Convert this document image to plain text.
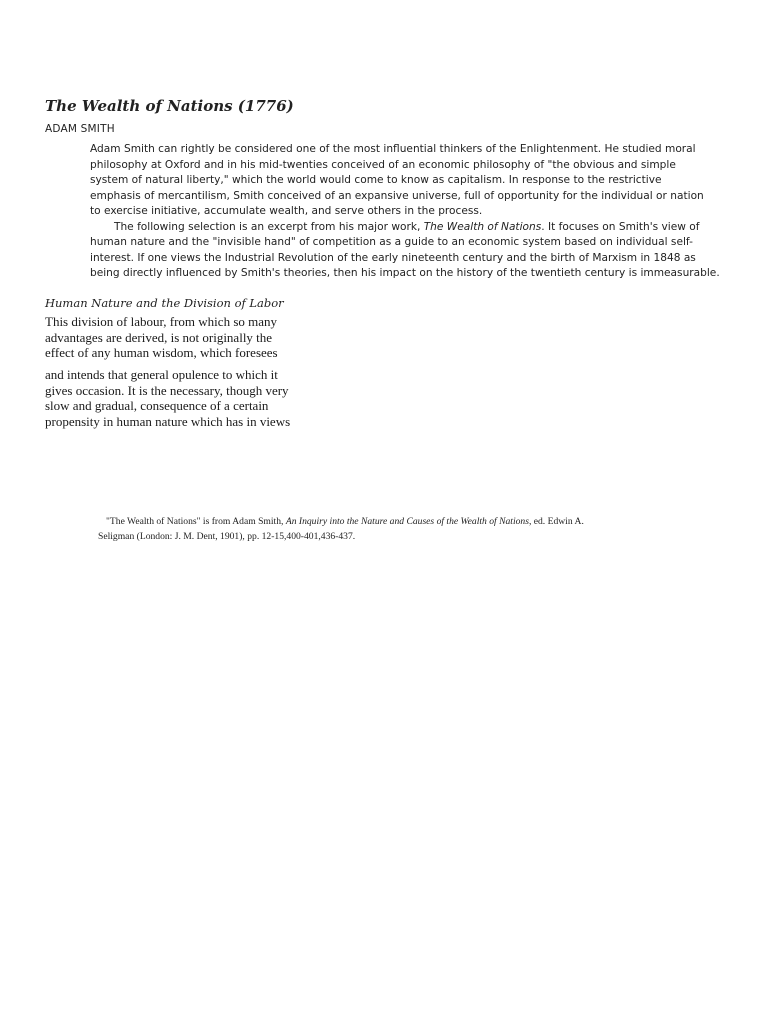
The Wealth of Nations (1776)
ADAM SMITH
Adam Smith can rightly be considered one of the most influential thinkers of the Enlightenment. He studied moral
philosophy at Oxford and in his mid-twenties conceived of an economic philosophy of "the obvious and simple
system of natural liberty," which the world would come to know as capitalism. In response to the restrictive
emphasis of mercantilism, Smith conceived of an expansive universe, full of opportunity for the individual or nation
to exercise initiative, accumulate wealth, and serve others in the process.
The following selection is an excerpt from his major work, The Wealth of Nations. It focuses on Smith's view of
human nature and the "invisible hand" of competition as a guide to an economic system based on individual self-
interest. If one views the Industrial Revolution of the early nineteenth century and the birth of Marxism in 1848 as
being directly influenced by Smith's theories, then his impact on the history of the twentieth century is immeasurable.
Human Nature and the Division of Labor
This division of labour, from which so many
advantages are derived, is not originally the
effect of any human wisdom, which foresees
and intends that general opulence to which it
gives occasion. It is the necessary, though very
slow and gradual, consequence of a certain
propensity in human nature which has in views
"The Wealth of Nations" is from Adam Smith, An Inquiry into the Nature and Causes of the Wealth of Nations, ed. Edwin A.
Seligman (London: J. M. Dent, 1901), pp. 12-15,400-401,436-437.
